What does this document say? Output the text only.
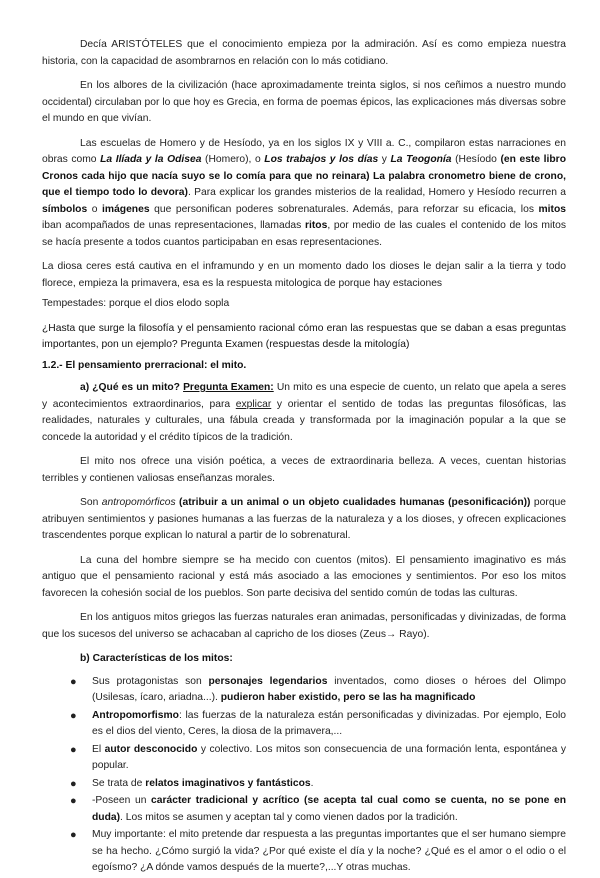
Decía ARISTÓTELES que el conocimiento empieza por la admiración. Así es como empieza nuestra historia, con la capacidad de asombrarnos en relación con lo más cotidiano.

En los albores de la civilización (hace aproximadamente treinta siglos, si nos ceñimos a nuestro mundo occidental) circulaban por lo que hoy es Grecia, en forma de poemas épicos, las explicaciones más diversas sobre el mundo en que vivían.

Las escuelas de Homero y de Hesíodo, ya en los siglos IX y VIII a. C., compilaron estas narraciones en obras como La Ilíada y la Odisea (Homero), o Los trabajos y los días y La Teogonía (Hesíodo (en este libro Cronos cada hijo que nacía suyo se lo comía para que no reinara) La palabra cronometro biene de crono, que el tiempo todo lo devora). Para explicar los grandes misterios de la realidad, Homero y Hesíodo recurren a símbolos o imágenes que personifican poderes sobrenaturales. Además, para reforzar su eficacia, los mitos iban acompañados de unas representaciones, llamadas ritos, por medio de las cuales el contenido de los mitos se hacía presente a todos cuantos participaban en esas representaciones.

La diosa ceres está cautiva en el inframundo y en un momento dado los dioses le dejan salir a la tierra y todo florece, empieza la primavera, esa es la respuesta mitologica de porque hay estaciones

Tempestades: porque el dios elodo sopla

¿Hasta que surge la filosofía y el pensamiento racional cómo eran las respuestas que se daban a esas preguntas importantes, pon un ejemplo? Pregunta Examen (respuestas desde la mitología)

1.2.- El pensamiento prerracional: el mito.

a) ¿Qué es un mito? Pregunta Examen: Un mito es una especie de cuento, un relato que apela a seres y acontecimientos extraordinarios, para explicar y orientar el sentido de todas las preguntas filosóficas, las realidades, naturales y culturales, una fábula creada y transformada por la imaginación popular a la que se concede la autoridad y el crédito típicos de la tradición.

El mito nos ofrece una visión poética, a veces de extraordinaria belleza. A veces, cuentan historias terribles y contienen valiosas enseñanzas morales.

Son antropomórficos (atribuir a un animal o un objeto cualidades humanas (pesonificación)) porque atribuyen sentimientos y pasiones humanas a las fuerzas de la naturaleza y a los dioses, y ofrecen explicaciones trascendentes porque explican lo natural a partir de lo sobrenatural.

La cuna del hombre siempre se ha mecido con cuentos (mitos). El pensamiento imaginativo es más antiguo que el pensamiento racional y está más asociado a las emociones y sentimientos. Por eso los mitos favorecen la cohesión social de los pueblos. Son parte decisiva del sentido común de todas las culturas.

En los antiguos mitos griegos las fuerzas naturales eran animadas, personificadas y divinizadas, de forma que los sucesos del universo se achacaban al capricho de los dioses (Zeus→ Rayo).

b) Características de los mitos:

● Sus protagonistas son personajes legendarios inventados, como dioses o héroes del Olimpo (Usilesas, ícaro, ariadna...). pudieron haber existido, pero se las ha magnificado
● Antropomorfismo: las fuerzas de la naturaleza están personificadas y divinizadas. Por ejemplo, Eolo es el dios del viento, Ceres, la diosa de la primavera,...
● El autor desconocido y colectivo. Los mitos son consecuencia de una formación lenta, espontánea y popular.
● Se trata de relatos imaginativos y fantásticos.
● -Poseen un carácter tradicional y acrítico (se acepta tal cual como se cuenta, no se pone en duda). Los mitos se asumen y aceptan tal y como vienen dados por la tradición.
● Muy importante: el mito pretende dar respuesta a las preguntas importantes que el ser humano siempre se ha hecho. ¿Cómo surgió la vida? ¿Por qué existe el día y la noche? ¿Qué es el amor o el odio o el egoísmo? ¿A dónde vamos después de la muerte?,...Y otras muchas.
